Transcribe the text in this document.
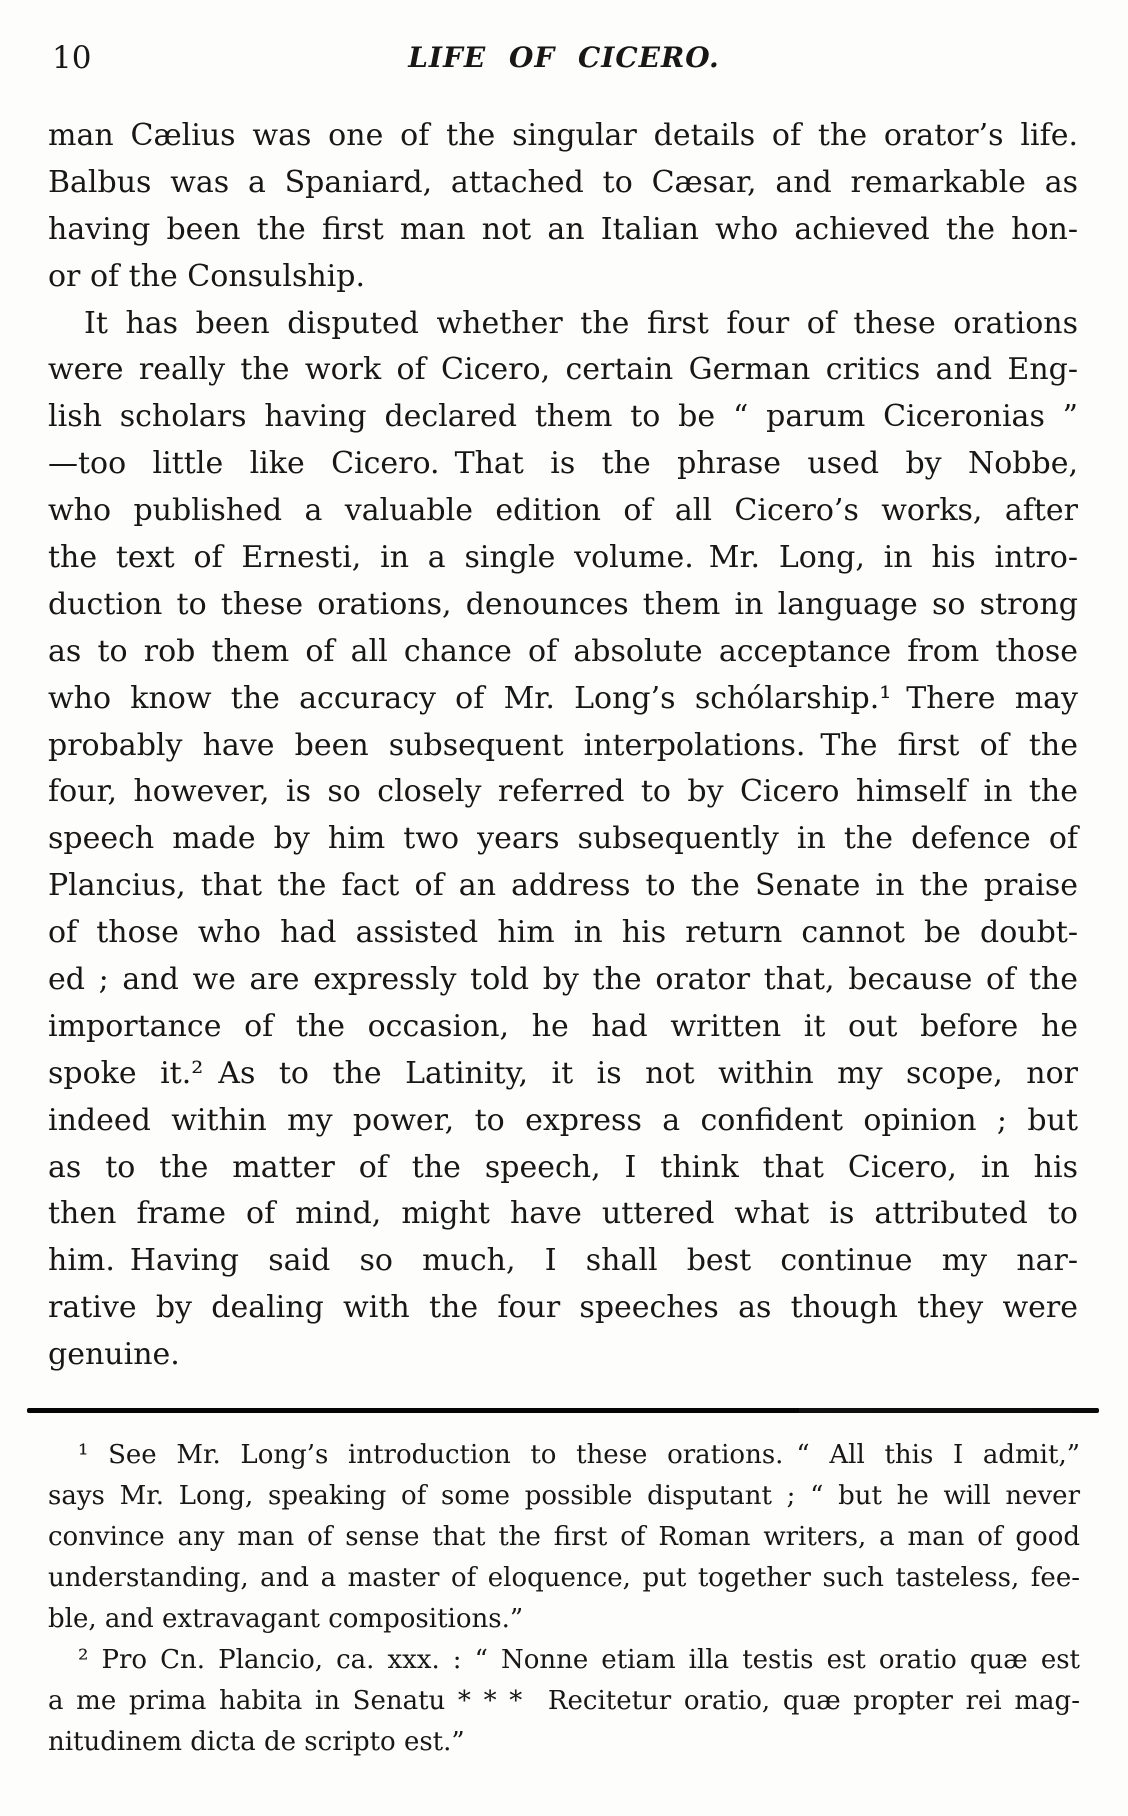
10	LIFE OF CICERO.
man Cælius was one of the singular details of the orator’s life.
Balbus was a Spaniard, attached to Cæsar, and remarkable as
having been the first man not an Italian who achieved the hon-
or of the Consulship.
It has been disputed whether the first four of these orations
were really the work of Cicero, certain German critics and Eng-
lish scholars having declared them to be “ parum Ciceronias ”
—too little like Cicero. That is the phrase used by Nobbe,
who published a valuable edition of all Cicero’s works, after
the text of Ernesti, in a single volume. Mr. Long, in his intro-
duction to these orations, denounces them in language so strong
as to rob them of all chance of absolute acceptance from those
who know the accuracy of Mr. Long’s schólarship.¹ There may
probably have been subsequent interpolations. The first of the
four, however, is so closely referred to by Cicero himself in the
speech made by him two years subsequently in the defence of
Plancius, that the fact of an address to the Senate in the praise
of those who had assisted him in his return cannot be doubt-
ed ; and we are expressly told by the orator that, because of the
importance of the occasion, he had written it out before he
spoke it.² As to the Latinity, it is not within my scope, nor
indeed within my power, to express a confident opinion ; but
as to the matter of the speech, I think that Cicero, in his
then frame of mind, might have uttered what is attributed to
him. Having said so much, I shall best continue my nar-
rative by dealing with the four speeches as though they were
genuine.
¹ See Mr. Long’s introduction to these orations. “ All this I admit,”
says Mr. Long, speaking of some possible disputant ; “ but he will never
convince any man of sense that the first of Roman writers, a man of good
understanding, and a master of eloquence, put together such tasteless, fee-
ble, and extravagant compositions.”
² Pro Cn. Plancio, ca. xxx. : “ Nonne etiam illa testis est oratio quæ est
a me prima habita in Senatu * * *  Recitetur oratio, quæ propter rei mag-
nitudinem dicta de scripto est.”
